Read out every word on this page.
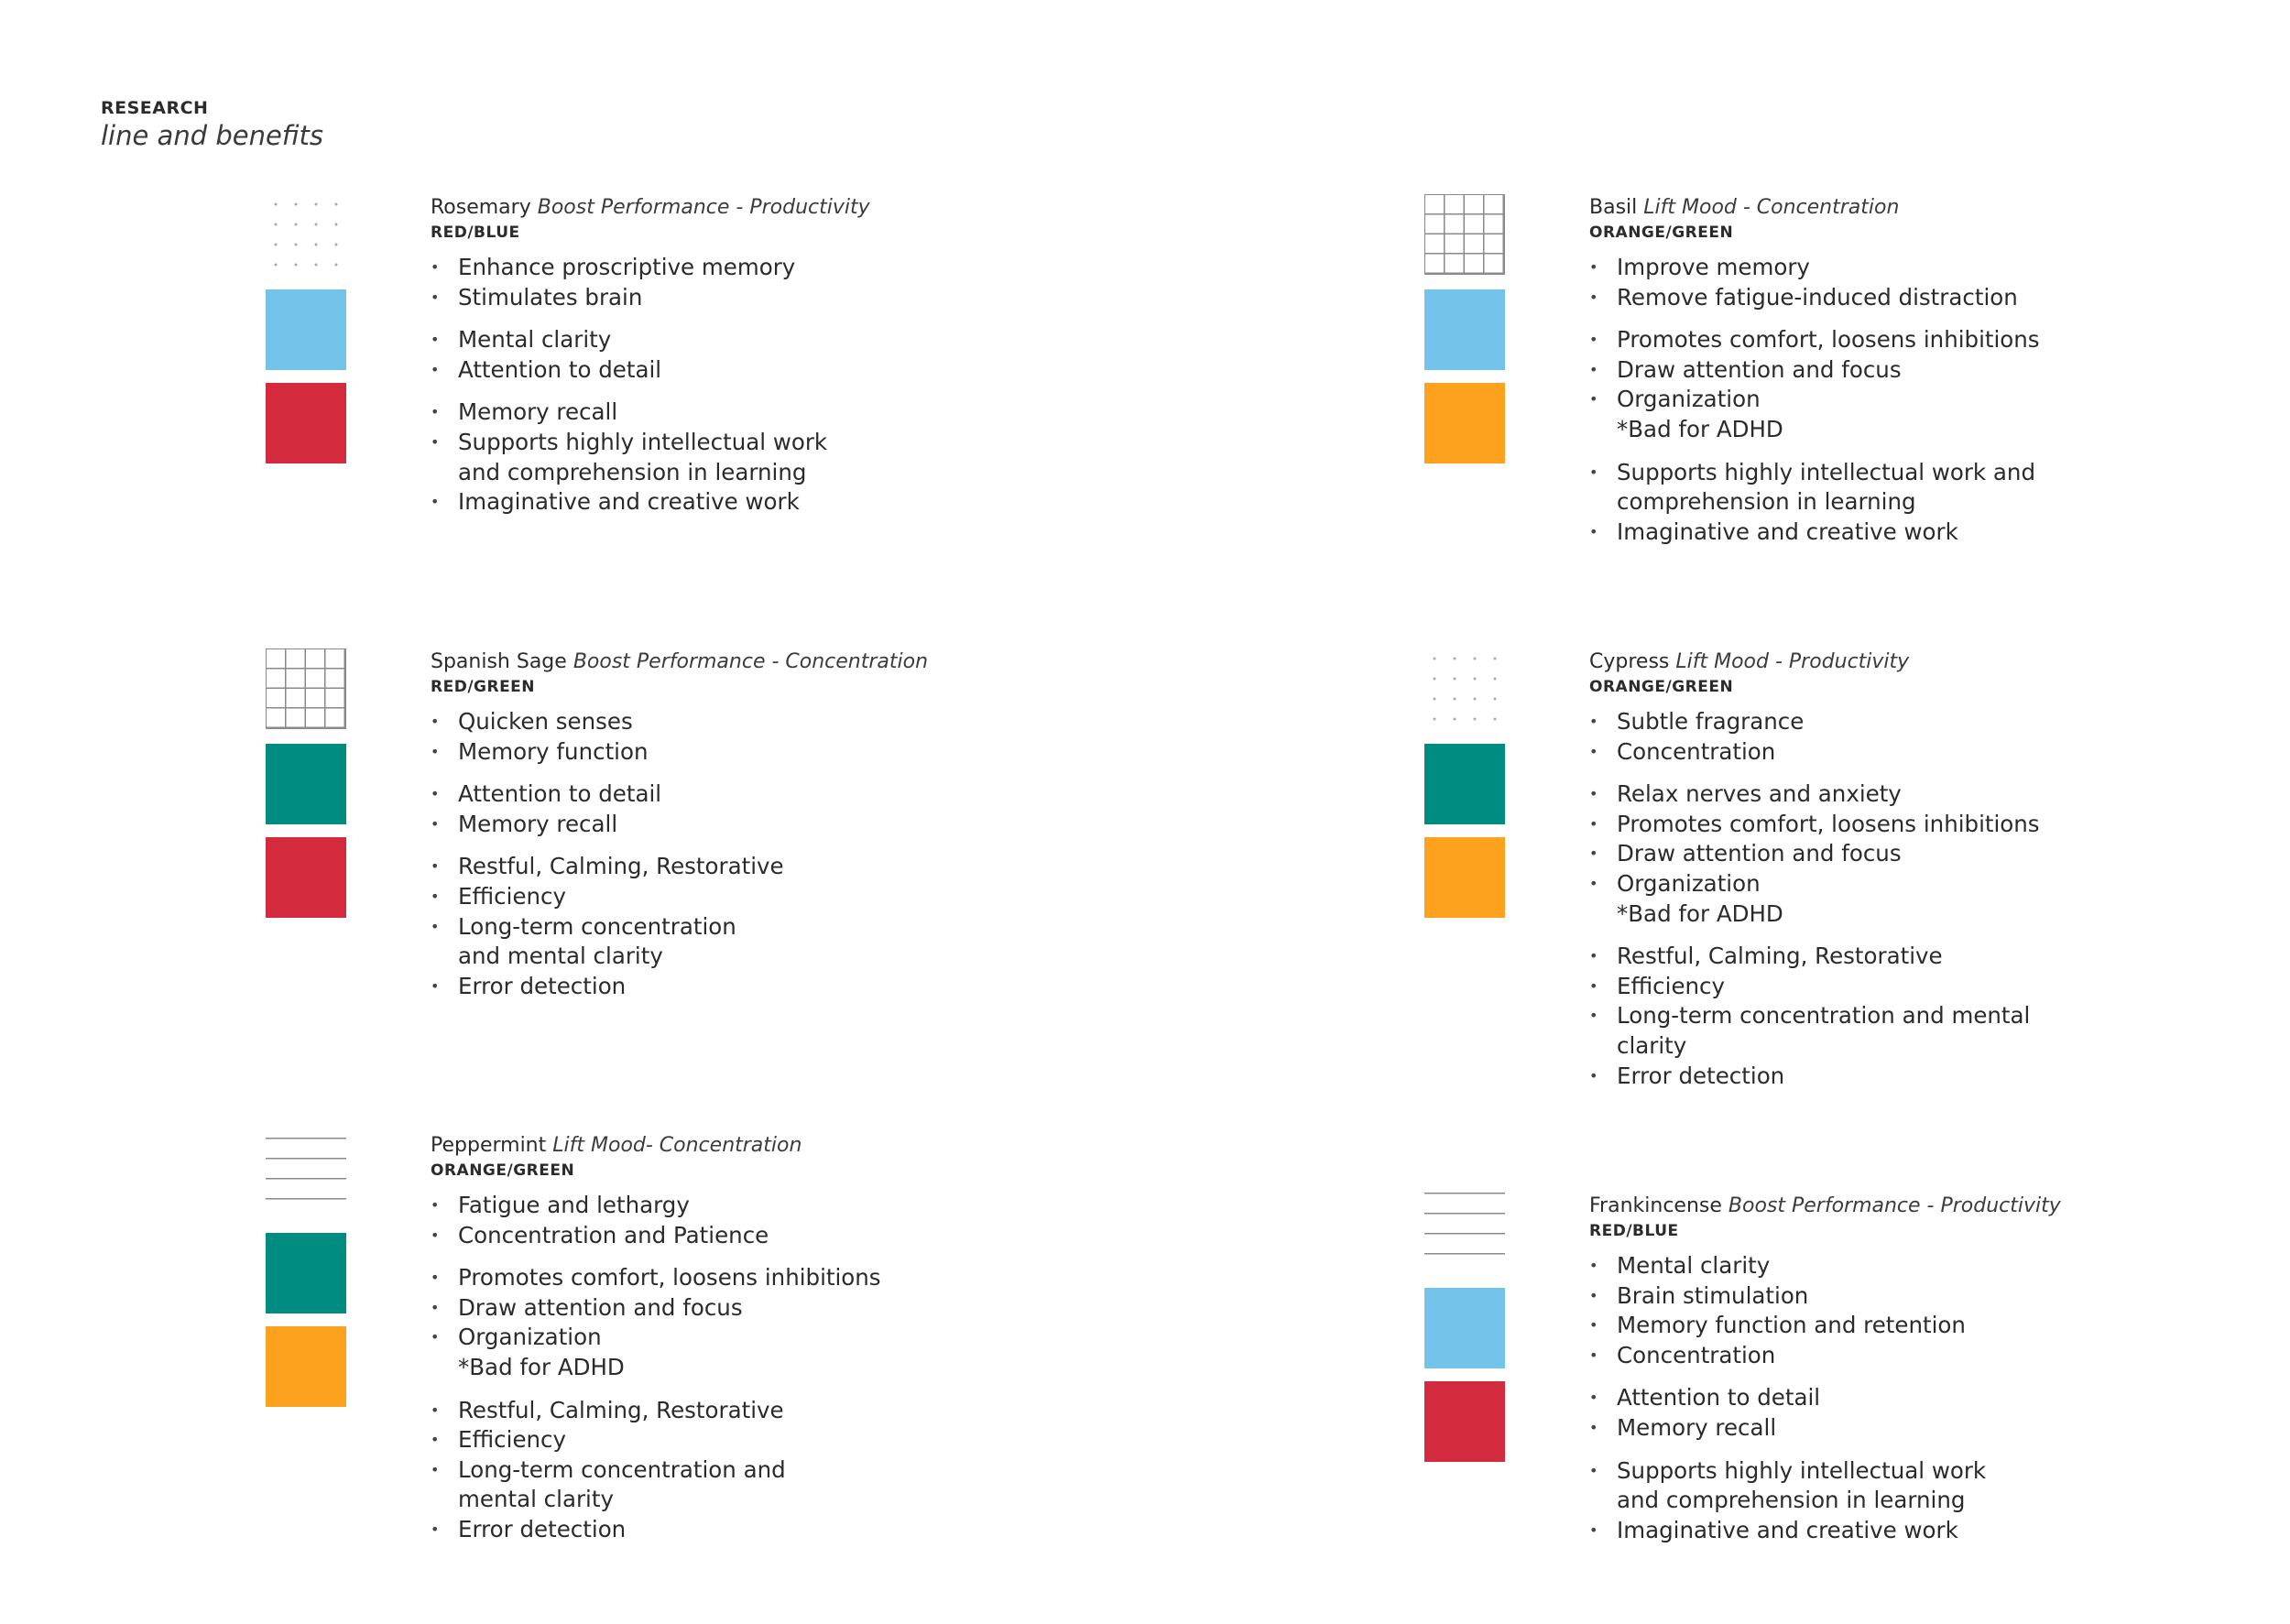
RESEARCH
line and benefits
Rosemary Boost Performance - Productivity
RED/BLUE
• Enhance proscriptive memory
• Stimulates brain
• Mental clarity
• Attention to detail
• Memory recall
• Supports highly intellectual work
and comprehension in learning
• Imaginative and creative work
Basil Lift Mood - Concentration
ORANGE/GREEN
• Improve memory
• Remove fatigue-induced distraction
• Promotes comfort, loosens inhibitions
• Draw attention and focus
• Organization
*Bad for ADHD
• Supports highly intellectual work and
comprehension in learning
• Imaginative and creative work
Spanish Sage Boost Performance - Concentration
RED/GREEN
• Quicken senses
• Memory function
• Attention to detail
• Memory recall
• Restful, Calming, Restorative
• Efficiency
• Long-term concentration
and mental clarity
• Error detection
Cypress Lift Mood - Productivity
ORANGE/GREEN
• Subtle fragrance
• Concentration
• Relax nerves and anxiety
• Promotes comfort, loosens inhibitions
• Draw attention and focus
• Organization
*Bad for ADHD
• Restful, Calming, Restorative
• Efficiency
• Long-term concentration and mental
clarity
• Error detection
Peppermint Lift Mood- Concentration
ORANGE/GREEN
• Fatigue and lethargy
• Concentration and Patience
• Promotes comfort, loosens inhibitions
• Draw attention and focus
• Organization
*Bad for ADHD
• Restful, Calming, Restorative
• Efficiency
• Long-term concentration and
mental clarity
• Error detection
Frankincense Boost Performance - Productivity
RED/BLUE
• Mental clarity
• Brain stimulation
• Memory function and retention
• Concentration
• Attention to detail
• Memory recall
• Supports highly intellectual work
and comprehension in learning
• Imaginative and creative work
